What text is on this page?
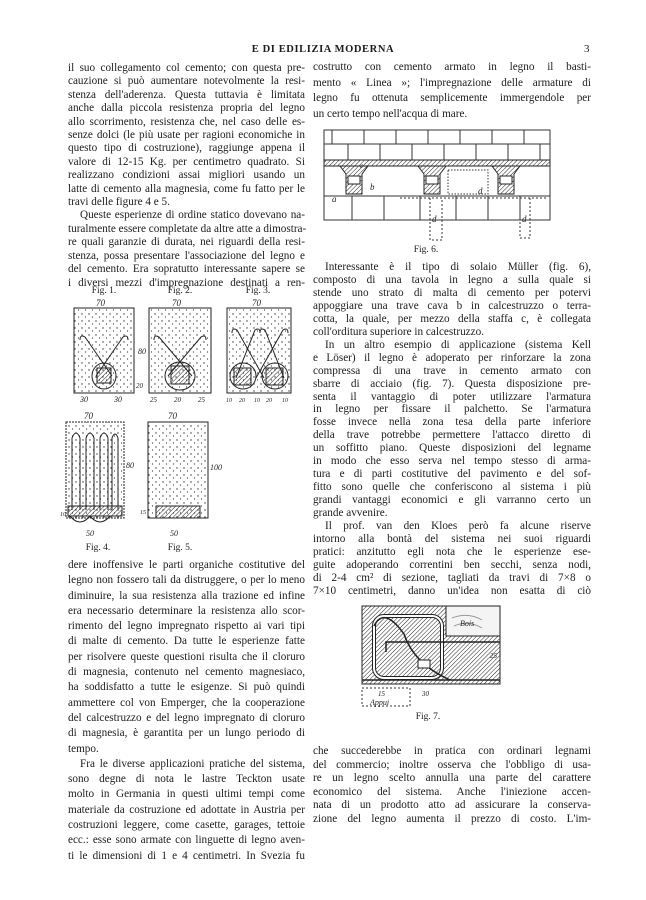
E DI EDILIZIA MODERNA	3
il suo collegamento col cemento; con questa pre-
cauzione si può aumentare notevolmente la resi-
stenza dell'aderenza. Questa tuttavia è limitata
anche dalla piccola resistenza propria del legno
allo scorrimento, resistenza che, nel caso delle es-
senze dolci (le più usate per ragioni economiche in
questo tipo di costruzione), raggiunge appena il
valore di 12-15 Kg. per centimetro quadrato. Si
realizzano condizioni assai migliori usando un
latte di cemento alla magnesia, come fu fatto per le
travi delle figure 4 e 5.
Queste esperienze di ordine statico dovevano na-
turalmente essere completate da altre atte a dimostra-
re quali garanzie di durata, nei riguardi della resi-
stenza, possa presentare l'associazione del legno e
del cemento. Era sopratutto interessante sapere se
i diversi mezzi d'impregnazione destinati a ren-
dere inoffensive le parti organiche costitutive del
legno non fossero tali da distruggere, o per lo meno
diminuire, la sua resistenza alla trazione ed infine
era necessario determinare la resistenza allo scor-
rimento del legno impregnato rispetto ai vari tipi
di malte di cemento. Da tutte le esperienze fatte
per risolvere queste questioni risulta che il cloruro
di magnesia, contenuto nel cemento magnesiaco,
ha soddisfatto a tutte le esigenze. Si può quindi
ammettere col von Emperger, che la cooperazione
del calcestruzzo e del legno impregnato di cloruro
di magnesia, è garantita per un lungo periodo di
tempo.
Fra le diverse applicazioni pratiche del sistema,
sono degne di nota le lastre Teckton usate
molto in Germania in questi ultimi tempi come
materiale da costruzione ed adottate in Austria per
costruzioni leggere, come casette, garages, tettoie
ecc.: esse sono armate con linguette di legno aven-
ti le dimensioni di 1 e 4 centimetri. In Svezia fu
costrutto con cemento armato in legno il basti-
mento « Linea »; l'impregnazione delle armature di
legno fu ottenuta semplicemente immergendole per
un certo tempo nell'acqua di mare.
Interessante è il tipo di solaio Müller (fig. 6),
composto di una tavola in legno a sulla quale si
stende uno strato di malta di cemento per potervi
appoggiare una trave cava b in calcestruzzo o terra-
cotta, la quale, per mezzo della staffa c, è collegata
coll'orditura superiore in calcestruzzo.
In un altro esempio di applicazione (sistema Kell
e Löser) il legno è adoperato per rinforzare la zona
compressa di una trave in cemento armato con
sbarre di acciaio (fig. 7). Questa disposizione pre-
senta il vantaggio di poter utilizzare l'armatura
in legno per fissare il palchetto. Se l'armatura
fosse invece nella zona tesa della parte inferiore
della trave potrebbe permettere l'attacco diretto di
un soffitto piano. Queste disposizioni del legname
in modo che esso serva nel tempo stesso di arma-
tura e di parti costitutive del pavimento e del sof-
fitto sono quelle che conferiscono al sistema i più
grandi vantaggi economici e gli varranno certo un
grande avvenire.
Il prof. van den Kloes però fa alcune riserve
intorno alla bontà del sistema nei suoi riguardi
pratici: anzitutto egli nota che le esperienze ese-
guite adoperando correntini ben secchi, senza nodi,
di 2-4 cm² di sezione, tagliati da travi di 7×8 o
7×10 centimetri, danno un'idea non esatta di ciò
che succederebbe in pratica con ordinari legnami
del commercio; inoltre osserva che l'obbligo di usa-
re un legno scelto annulla una parte del carattere
economico del sistema. Anche l'iniezione accen-
nata di un prodotto atto ad assicurare la conserva-
zione del legno aumenta il prezzo di costo. L'im-
Fig. 1.	Fig. 2.	Fig. 3.
70
80
20
30	30
70
25 20 25
70
10 20 10 20 10
70
80
50
10
Fig. 4.
70
100
15
50
Fig. 5.
a
b
c
d
d	d
Fig. 6.
Bois
25
15	30
Appui
Fig. 7.
